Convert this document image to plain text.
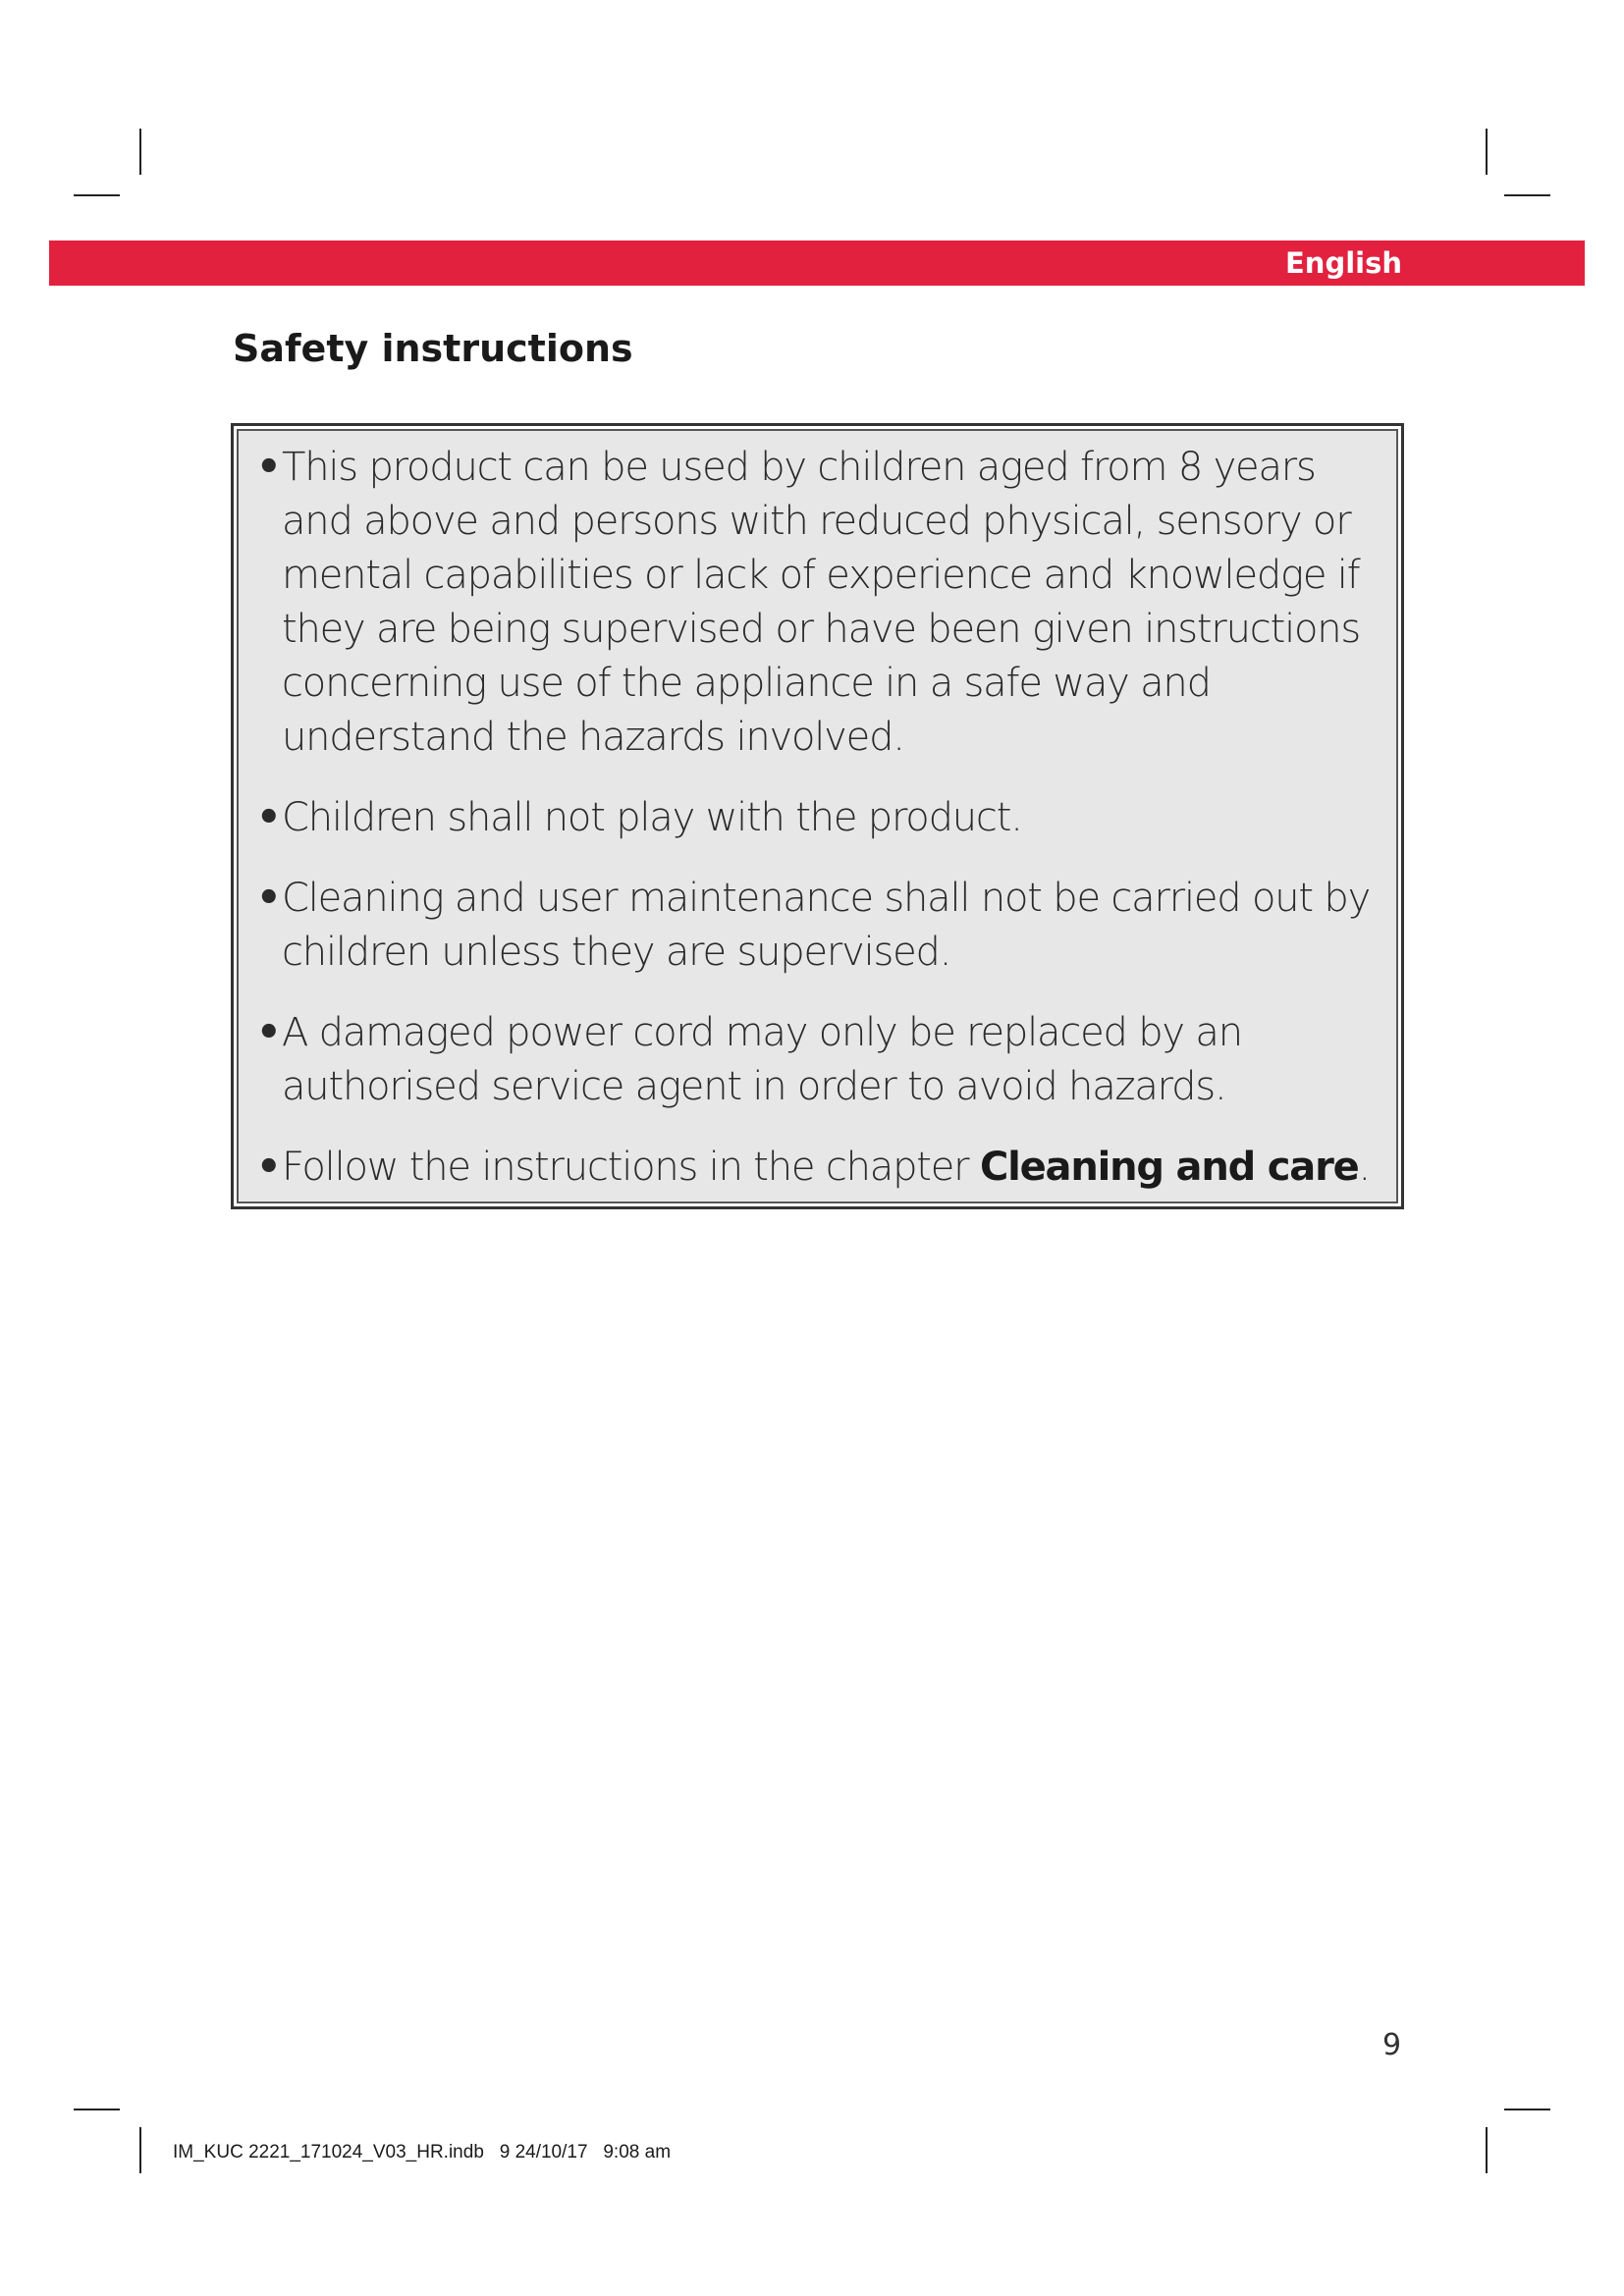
English
Safety instructions
• This product can be used by children aged from 8 years and above and persons with reduced physical, sensory or mental capabilities or lack of experience and knowledge if they are being supervised or have been given instructions concerning use of the appliance in a safe way and understand the hazards involved.
• Children shall not play with the product.
• Cleaning and user maintenance shall not be carried out by children unless they are supervised.
• A damaged power cord may only be replaced by an authorised service agent in order to avoid hazards.
• Follow the instructions in the chapter Cleaning and care.
9
IM_KUC 2221_171024_V03_HR.indb   9 24/10/17   9:08 am
